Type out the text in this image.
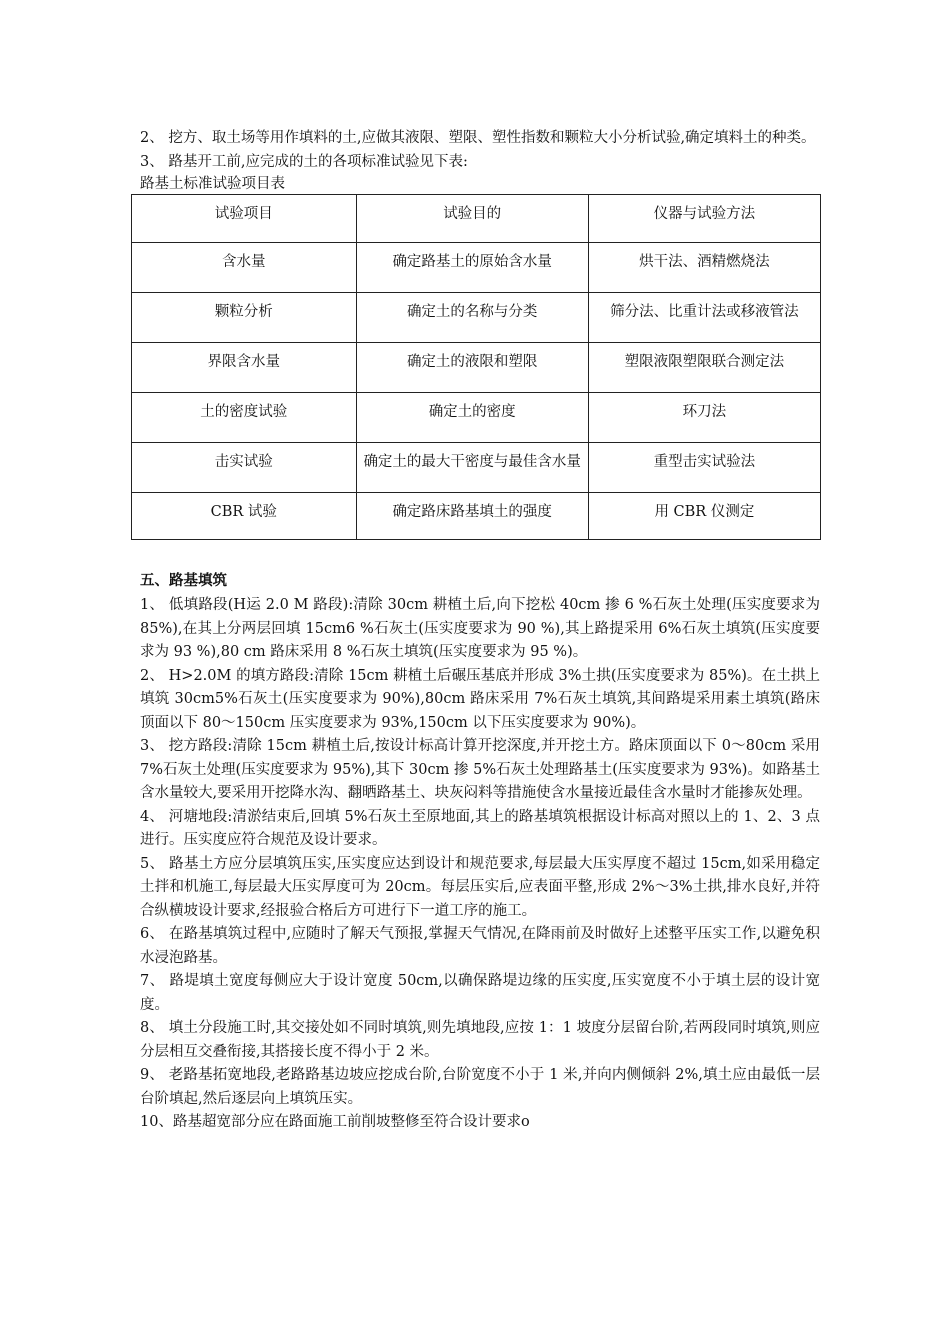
2、 挖方、取土场等用作填料的土,应做其液限、塑限、塑性指数和颗粒大小分析试验,确定填料土的种类。

3、 路基开工前,应完成的土的各项标准试验见下表:

路基土标准试验项目表

试验项目	试验目的	仪器与试验方法
含水量	确定路基土的原始含水量	烘干法、酒精燃烧法
颗粒分析	确定土的名称与分类	筛分法、比重计法或移液管法
界限含水量	确定土的液限和塑限	塑限液限塑限联合测定法
土的密度试验	确定土的密度	环刀法
击实试验	确定土的最大干密度与最佳含水量	重型击实试验法
CBR 试验	确定路床路基填土的强度	用 CBR 仪测定

五、路基填筑

1、 低填路段(H运 2.0 M 路段):清除 30cm 耕植土后,向下挖松 40cm 掺 6 %石灰土处理(压实度要求为 85%),在其上分两层回填 15cm6 %石灰土(压实度要求为 90 %),其上路提采用 6%石灰土填筑(压实度要求为 93 %),80 cm 路床采用 8 %石灰土填筑(压实度要求为 95 %)。

2、 H>2.0M 的填方路段:清除 15cm 耕植土后碾压基底并形成 3%土拱(压实度要求为 85%)。在土拱上填筑 30cm5%石灰土(压实度要求为 90%),80cm 路床采用 7%石灰土填筑,其间路堤采用素土填筑(路床顶面以下 80～150cm 压实度要求为 93%,150cm 以下压实度要求为 90%)。

3、 挖方路段:清除 15cm 耕植土后,按设计标高计算开挖深度,并开挖土方。路床顶面以下 0～80cm 采用 7%石灰土处理(压实度要求为 95%),其下 30cm 掺 5%石灰土处理路基土(压实度要求为 93%)。如路基土含水量较大,要采用开挖降水沟、翻晒路基土、块灰闷料等措施使含水量接近最佳含水量时才能掺灰处理。

4、 河塘地段:清淤结束后,回填 5%石灰土至原地面,其上的路基填筑根据设计标高对照以上的 1、2、3 点进行。压实度应符合规范及设计要求。

5、 路基土方应分层填筑压实,压实度应达到设计和规范要求,每层最大压实厚度不超过 15cm,如采用稳定土拌和机施工,每层最大压实厚度可为 20cm。每层压实后,应表面平整,形成 2%～3%土拱,排水良好,并符合纵横坡设计要求,经报验合格后方可进行下一道工序的施工。

6、 在路基填筑过程中,应随时了解天气预报,掌握天气情况,在降雨前及时做好上述整平压实工作,以避免积水浸泡路基。

7、 路堤填土宽度每侧应大于设计宽度 50cm,以确保路堤边缘的压实度,压实宽度不小于填土层的设计宽度。

8、 填土分段施工时,其交接处如不同时填筑,则先填地段,应按 1：1 坡度分层留台阶,若两段同时填筑,则应分层相互交叠衔接,其搭接长度不得小于 2 米。

9、 老路基拓宽地段,老路路基边坡应挖成台阶,台阶宽度不小于 1 米,并向内侧倾斜 2%,填土应由最低一层台阶填起,然后逐层向上填筑压实。

10、路基超宽部分应在路面施工前削坡整修至符合设计要求o
